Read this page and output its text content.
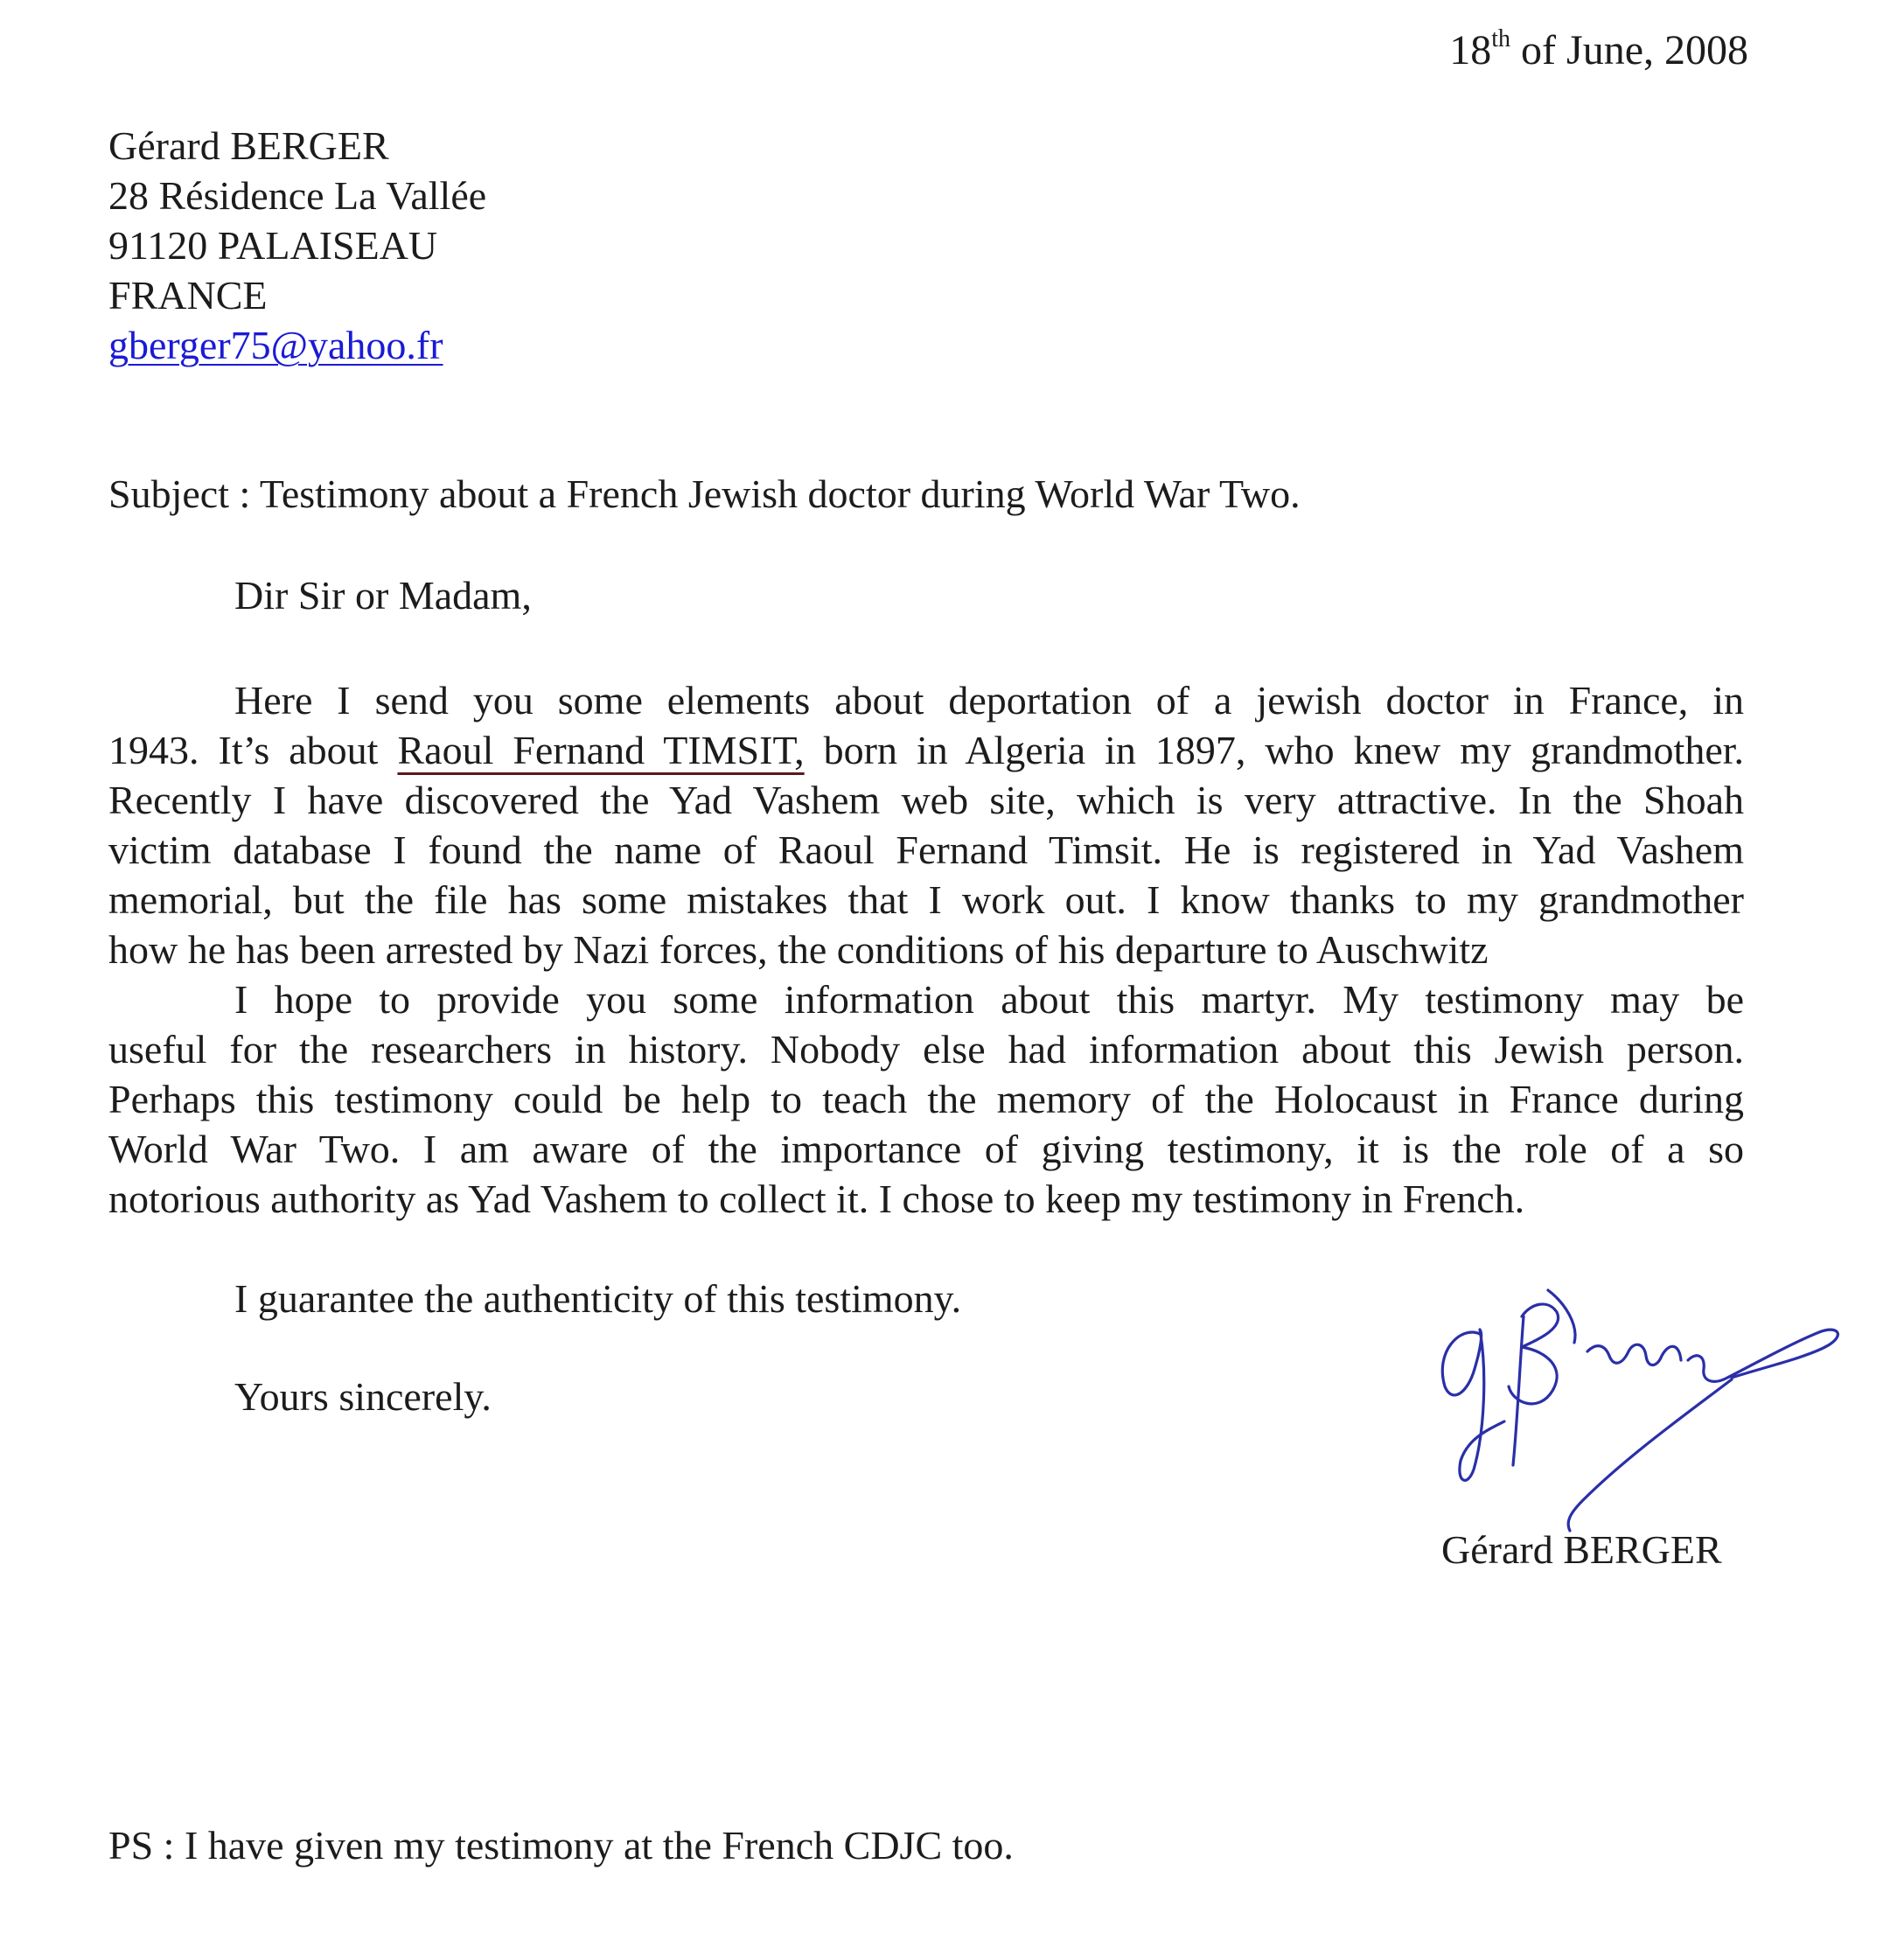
18th of June, 2008
Gérard BERGER
28 Résidence La Vallée
91120 PALAISEAU
FRANCE
gberger75@yahoo.fr
Subject : Testimony about a French Jewish doctor during World War Two.
Dir Sir or Madam,
Here I send you some elements about deportation of a jewish doctor in France, in
1943. It’s about Raoul Fernand TIMSIT, born in Algeria in 1897, who knew my grandmother.
Recently I have discovered the Yad Vashem web site, which is very attractive. In the Shoah
victim database I found the name of Raoul Fernand Timsit. He is registered in Yad Vashem
memorial, but the file has some mistakes that I work out. I know thanks to my grandmother
how he has been arrested by Nazi forces, the conditions of his departure to Auschwitz
I hope to provide you some information about this martyr. My testimony may be
useful for the researchers in history. Nobody else had information about this Jewish person.
Perhaps this testimony could be help to teach the memory of the Holocaust in France during
World War Two. I am aware of the importance of giving testimony, it is the role of a so
notorious authority as Yad Vashem to collect it. I chose to keep my testimony in French.
I guarantee the authenticity of this testimony.
Yours sincerely.
Gérard BERGER
PS : I have given my testimony at the French CDJC too.
